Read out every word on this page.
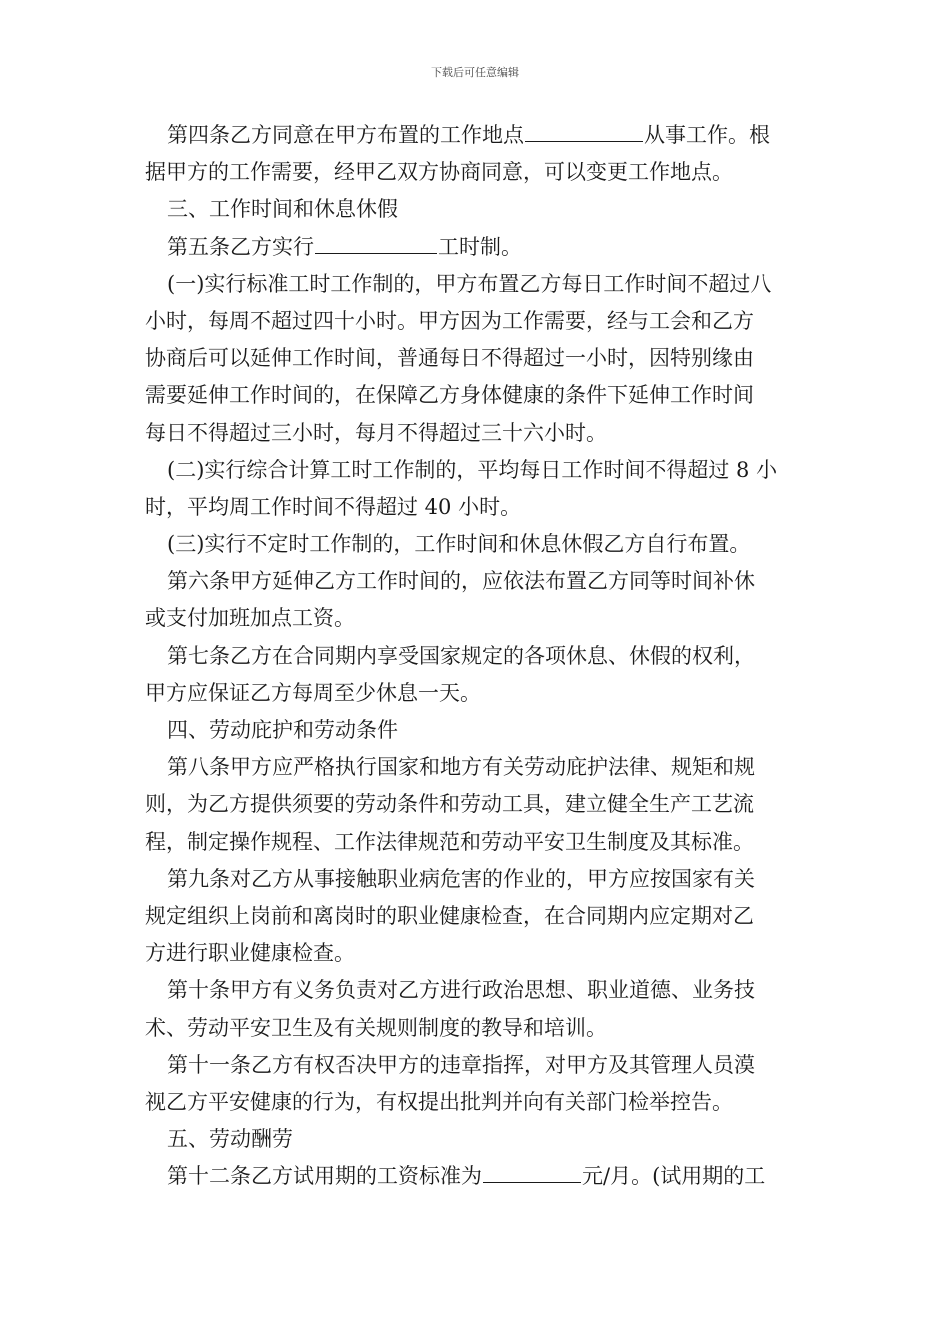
下载后可任意编辑
第四条乙方同意在甲方布置的工作地点	从事工作。根
据甲方的工作需要，经甲乙双方协商同意，可以变更工作地点。
三、工作时间和休息休假
第五条乙方实行	工时制。
(一)实行标准工时工作制的，甲方布置乙方每日工作时间不超过八
小时，每周不超过四十小时。甲方因为工作需要，经与工会和乙方
协商后可以延伸工作时间，普通每日不得超过一小时，因特别缘由
需要延伸工作时间的，在保障乙方身体健康的条件下延伸工作时间
每日不得超过三小时，每月不得超过三十六小时。
(二)实行综合计算工时工作制的，平均每日工作时间不得超过 8 小
时，平均周工作时间不得超过 40 小时。
(三)实行不定时工作制的，工作时间和休息休假乙方自行布置。
第六条甲方延伸乙方工作时间的，应依法布置乙方同等时间补休
或支付加班加点工资。
第七条乙方在合同期内享受国家规定的各项休息、休假的权利，
甲方应保证乙方每周至少休息一天。
四、劳动庇护和劳动条件
第八条甲方应严格执行国家和地方有关劳动庇护法律、规矩和规
则，为乙方提供须要的劳动条件和劳动工具，建立健全生产工艺流
程，制定操作规程、工作法律规范和劳动平安卫生制度及其标准。
第九条对乙方从事接触职业病危害的作业的，甲方应按国家有关
规定组织上岗前和离岗时的职业健康检查，在合同期内应定期对乙
方进行职业健康检查。
第十条甲方有义务负责对乙方进行政治思想、职业道德、业务技
术、劳动平安卫生及有关规则制度的教导和培训。
第十一条乙方有权否决甲方的违章指挥，对甲方及其管理人员漠
视乙方平安健康的行为，有权提出批判并向有关部门检举控告。
五、劳动酬劳
第十二条乙方试用期的工资标准为	元/月。(试用期的工
